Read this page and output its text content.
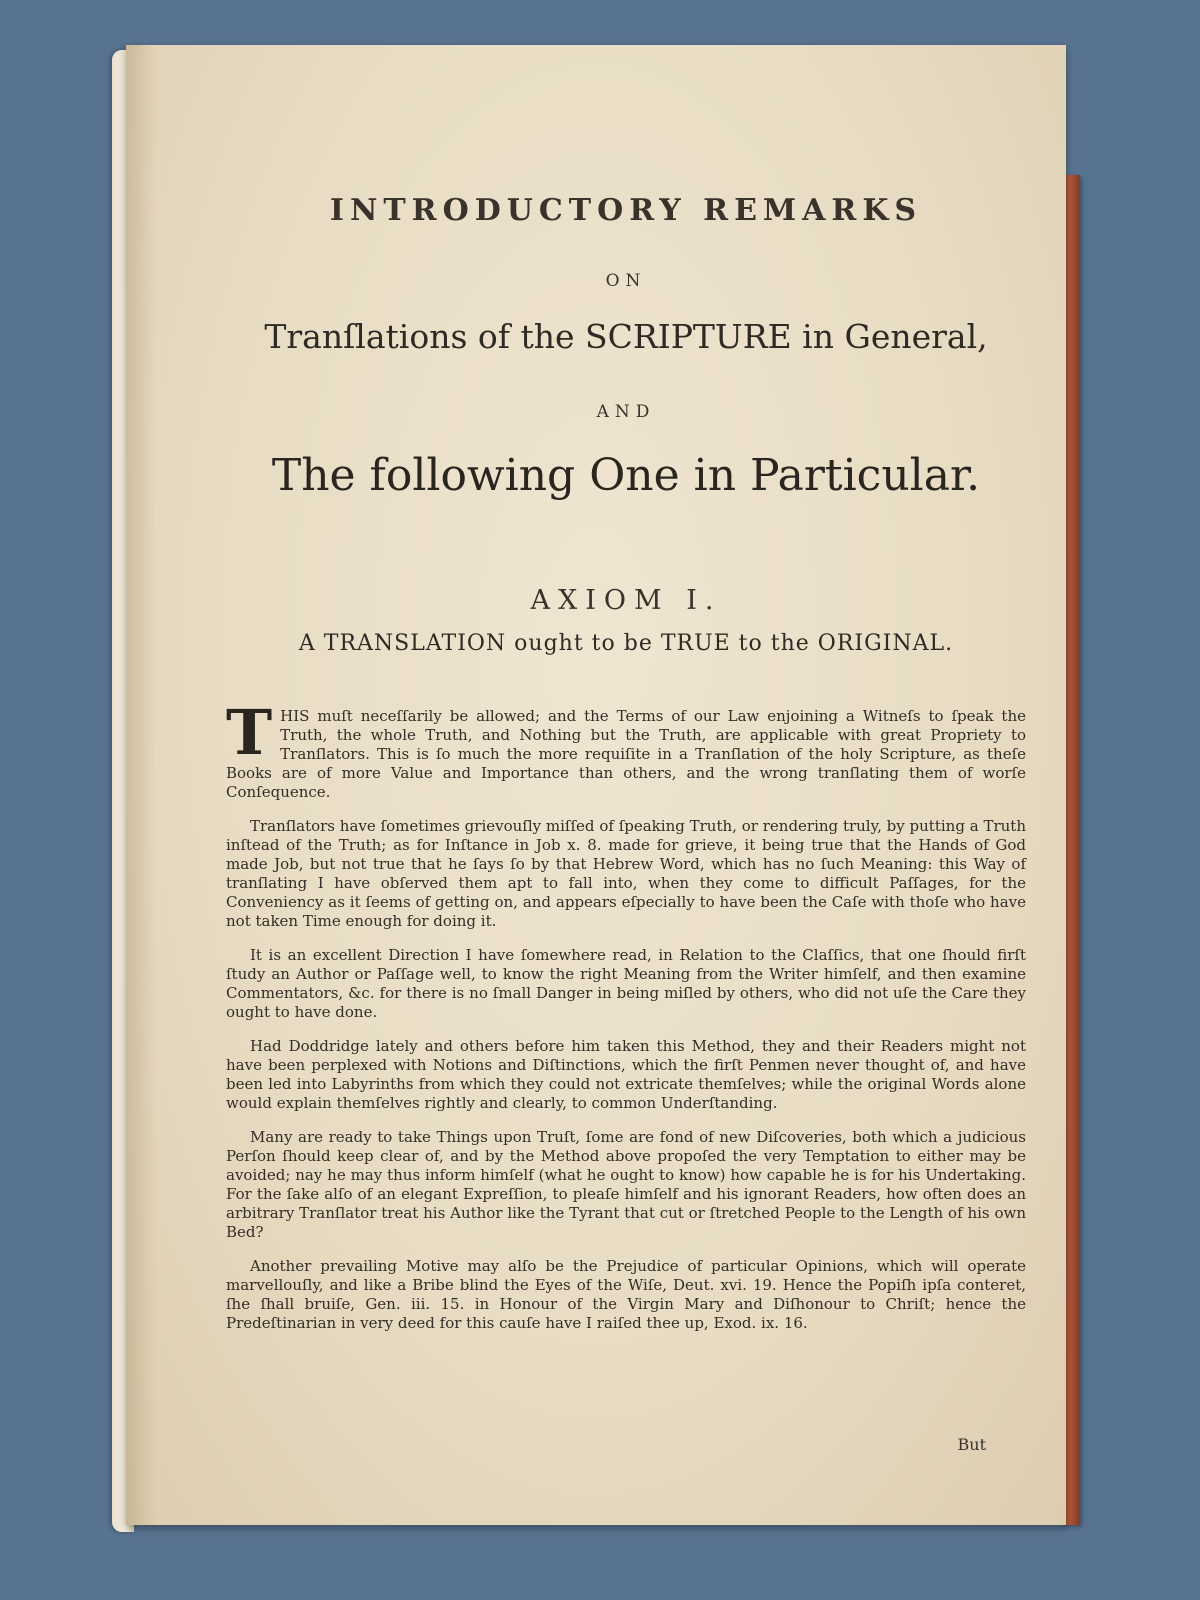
INTRODUCTORY REMARKS
ON
Tranſlations of the SCRIPTURE in General,
AND
The following One in Particular.
AXIOM I.
A TRANSLATION ought to be TRUE to the ORIGINAL.

T HIS muſt neceſſarily be allowed; and the Terms of our Law enjoining a Witneſs to ſpeak the Truth, the whole Truth, and Nothing but the Truth, are applicable with great Propriety to Tranſlators. This is ſo much the more requiſite in a Tranſlation of the holy Scripture, as theſe Books are of more Value and Importance than others, and the wrong tranſlating them of worſe Conſequence.

Tranſlators have ſometimes grievouſly miſſed of ſpeaking Truth, or rendering truly, by putting a Truth inſtead of the Truth; as for Inſtance in Job x. 8. made for grieve, it being true that the Hands of God made Job, but not true that he ſays ſo by that Hebrew Word, which has no ſuch Meaning: this Way of tranſlating I have obſerved them apt to fall into, when they come to difficult Paſſages, for the Conveniency as it ſeems of getting on, and appears eſpecially to have been the Caſe with thoſe who have not taken Time enough for doing it.

It is an excellent Direction I have ſomewhere read, in Relation to the Claſſics, that one ſhould firſt ſtudy an Author or Paſſage well, to know the right Meaning from the Writer himſelf, and then examine Commentators, &c. for there is no ſmall Danger in being miſled by others, who did not uſe the Care they ought to have done.

Had Doddridge lately and others before him taken this Method, they and their Readers might not have been perplexed with Notions and Diſtinctions, which the firſt Penmen never thought of, and have been led into Labyrinths from which they could not extricate themſelves; while the original Words alone would explain themſelves rightly and clearly, to common Underſtanding.

Many are ready to take Things upon Truſt, ſome are fond of new Diſcoveries, both which a judicious Perſon ſhould keep clear of, and by the Method above propoſed the very Temptation to either may be avoided; nay he may thus inform himſelf (what he ought to know) how capable he is for his Undertaking. For the ſake alſo of an elegant Expreſſion, to pleaſe himſelf and his ignorant Readers, how often does an arbitrary Tranſlator treat his Author like the Tyrant that cut or ſtretched People to the Length of his own Bed?

Another prevailing Motive may alſo be the Prejudice of particular Opinions, which will operate marvellouſly, and like a Bribe blind the Eyes of the Wiſe, Deut. xvi. 19. Hence the Popiſh ipſa conteret, ſhe ſhall bruiſe, Gen. iii. 15. in Honour of the Virgin Mary and Diſhonour to Chriſt; hence the Predeſtinarian in very deed for this cauſe have I raiſed thee up, Exod. ix. 16.

But
